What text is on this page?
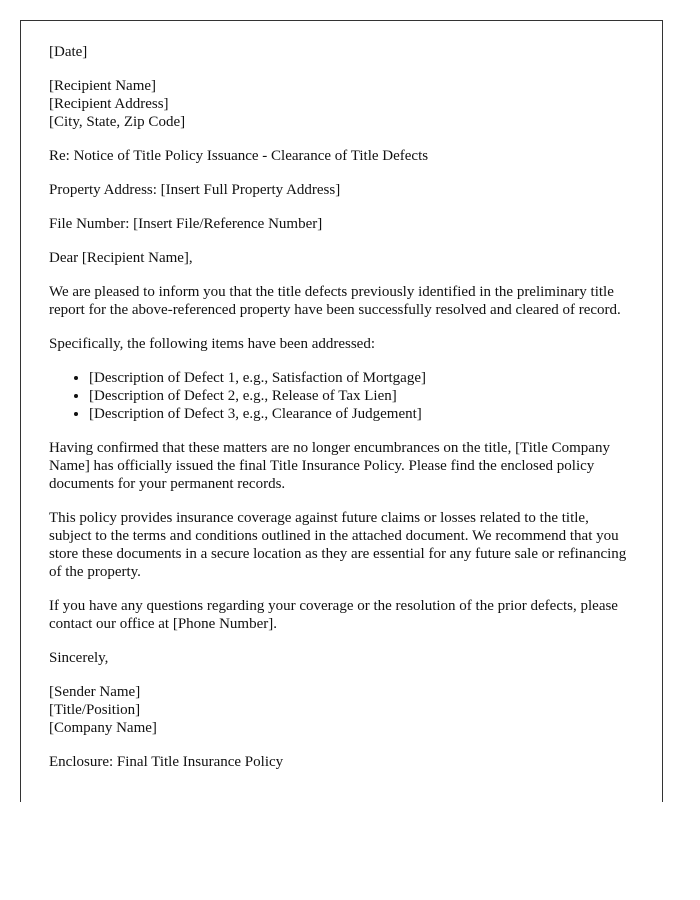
[Date]

[Recipient Name]
[Recipient Address]
[City, State, Zip Code]

Re: Notice of Title Policy Issuance - Clearance of Title Defects

Property Address: [Insert Full Property Address]

File Number: [Insert File/Reference Number]

Dear [Recipient Name],

We are pleased to inform you that the title defects previously identified in the preliminary title report for the above-referenced property have been successfully resolved and cleared of record.

Specifically, the following items have been addressed:

• [Description of Defect 1, e.g., Satisfaction of Mortgage]
• [Description of Defect 2, e.g., Release of Tax Lien]
• [Description of Defect 3, e.g., Clearance of Judgement]

Having confirmed that these matters are no longer encumbrances on the title, [Title Company Name] has officially issued the final Title Insurance Policy. Please find the enclosed policy documents for your permanent records.

This policy provides insurance coverage against future claims or losses related to the title, subject to the terms and conditions outlined in the attached document. We recommend that you store these documents in a secure location as they are essential for any future sale or refinancing of the property.

If you have any questions regarding your coverage or the resolution of the prior defects, please contact our office at [Phone Number].

Sincerely,

[Sender Name]
[Title/Position]
[Company Name]

Enclosure: Final Title Insurance Policy
